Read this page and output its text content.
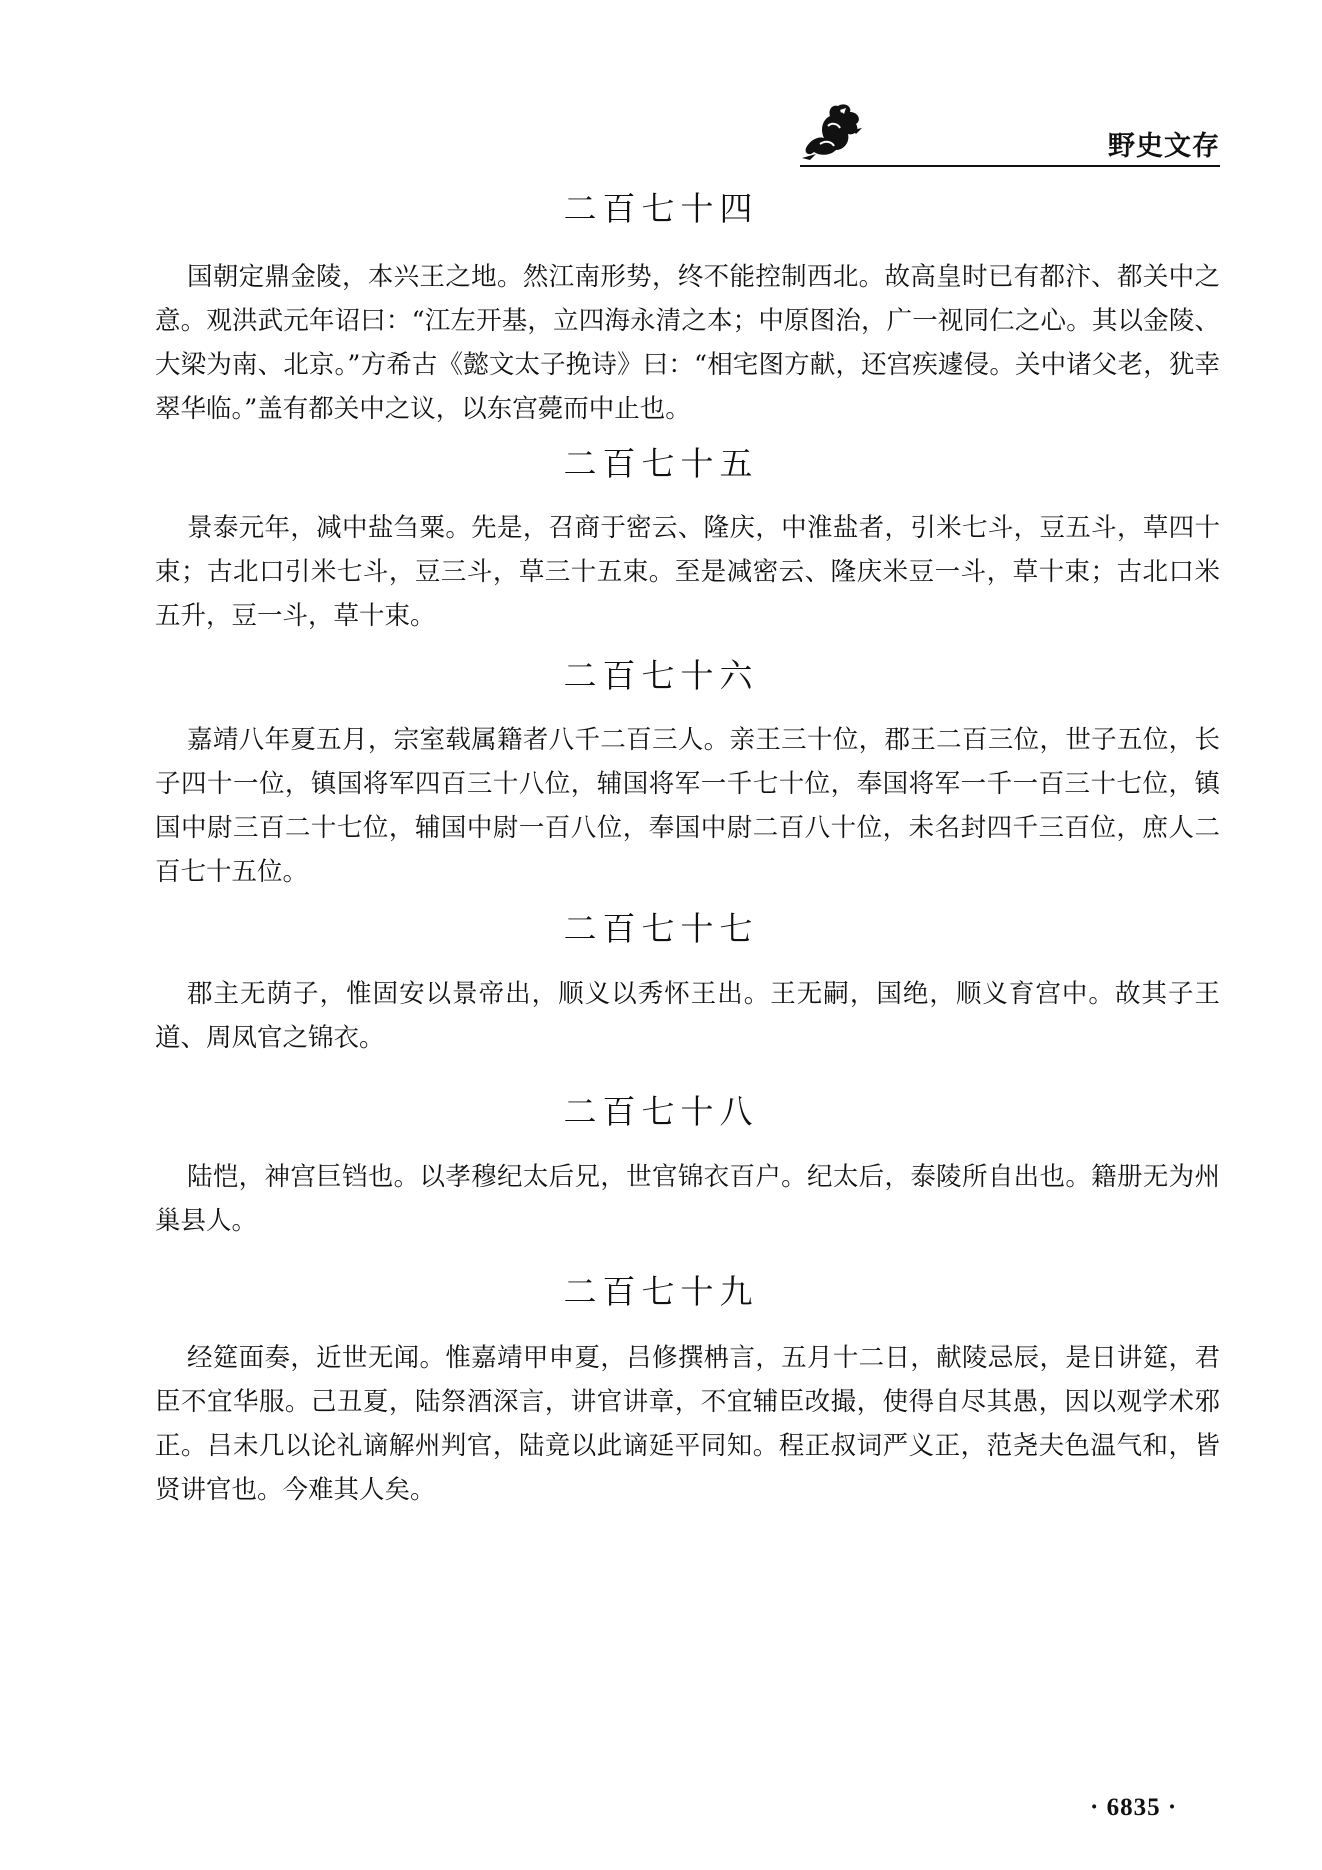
野史文存
二百七十四

国朝定鼎金陵，本兴王之地。然江南形势，终不能控制西北。故高皇时已有都汴、都关中之意。观洪武元年诏曰：“江左开基，立四海永清之本；中原图治，广一视同仁之心。其以金陵、大梁为南、北京。”方希古《懿文太子挽诗》曰：“相宅图方献，还宫疾遽侵。关中诸父老，犹幸翠华临。”盖有都关中之议，以东宫薨而中止也。

二百七十五

景泰元年，减中盐刍粟。先是，召商于密云、隆庆，中淮盐者，引米七斗，豆五斗，草四十束；古北口引米七斗，豆三斗，草三十五束。至是减密云、隆庆米豆一斗，草十束；古北口米五升，豆一斗，草十束。

二百七十六

嘉靖八年夏五月，宗室载属籍者八千二百三人。亲王三十位，郡王二百三位，世子五位，长子四十一位，镇国将军四百三十八位，辅国将军一千七十位，奉国将军一千一百三十七位，镇国中尉三百二十七位，辅国中尉一百八位，奉国中尉二百八十位，未名封四千三百位，庶人二百七十五位。

二百七十七

郡主无荫子，惟固安以景帝出，顺义以秀怀王出。王无嗣，国绝，顺义育宫中。故其子王道、周凤官之锦衣。

二百七十八

陆恺，神宫巨铛也。以孝穆纪太后兄，世官锦衣百户。纪太后，泰陵所自出也。籍册无为州巢县人。

二百七十九

经筵面奏，近世无闻。惟嘉靖甲申夏，吕修撰柟言，五月十二日，献陵忌辰，是日讲筵，君臣不宜华服。己丑夏，陆祭酒深言，讲官讲章，不宜辅臣改撮，使得自尽其愚，因以观学术邪正。吕未几以论礼谪解州判官，陆竟以此谪延平同知。程正叔词严义正，范尧夫色温气和，皆贤讲官也。今难其人矣。

· 6835 ·
